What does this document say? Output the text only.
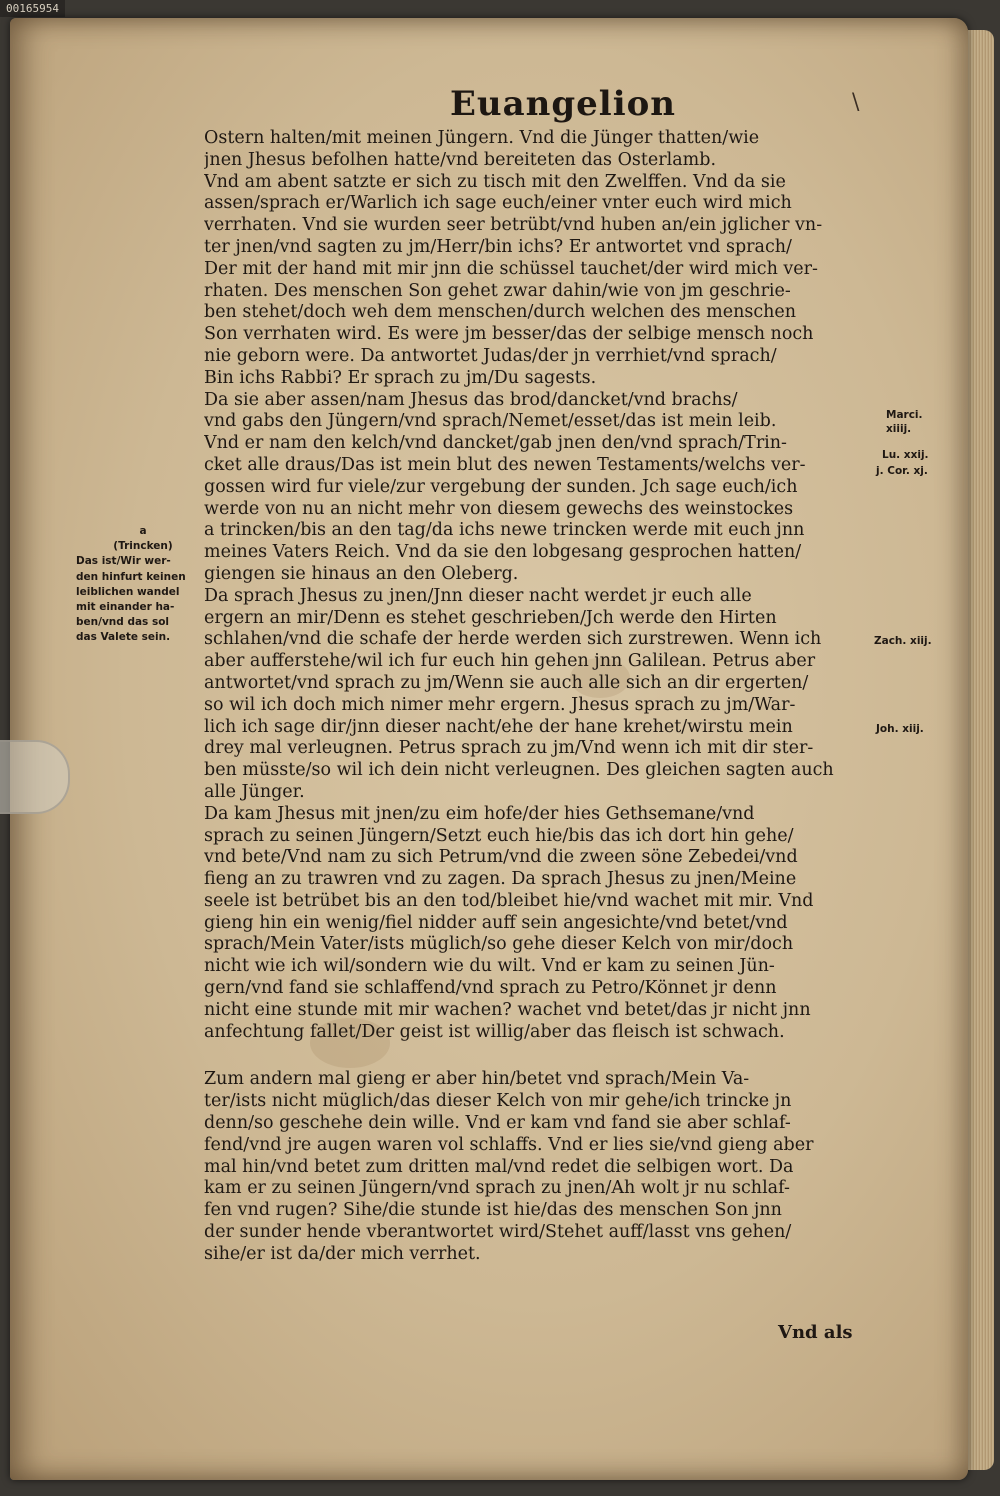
00165954
Euangelion	\
Ostern halten/mit meinen Jüngern. Vnd die Jünger thatten/wie
jnen Jhesus befolhen hatte/vnd bereiteten das Osterlamb.
Vnd am abent satzte er sich zu tisch mit den Zwelffen. Vnd da sie
assen/sprach er/Warlich ich sage euch/einer vnter euch wird mich
verrhaten. Vnd sie wurden seer betrübt/vnd huben an/ein jglicher vn-
ter jnen/vnd sagten zu jm/Herr/bin ichs? Er antwortet vnd sprach/
Der mit der hand mit mir jnn die schüssel tauchet/der wird mich ver-
rhaten. Des menschen Son gehet zwar dahin/wie von jm geschrie-
ben stehet/doch weh dem menschen/durch welchen des menschen
Son verrhaten wird. Es were jm besser/das der selbige mensch noch
nie geborn were. Da antwortet Judas/der jn verrhiet/vnd sprach/
Bin ichs Rabbi? Er sprach zu jm/Du sagests.
Da sie aber assen/nam Jhesus das brod/dancket/vnd brachs/
vnd gabs den Jüngern/vnd sprach/Nemet/esset/das ist mein leib.
Vnd er nam den kelch/vnd dancket/gab jnen den/vnd sprach/Trin-
cket alle draus/Das ist mein blut des newen Testaments/welchs ver-
gossen wird fur viele/zur vergebung der sunden. Jch sage euch/ich
werde von nu an nicht mehr von diesem gewechs des weinstockes
a trincken/bis an den tag/da ichs newe trincken werde mit euch jnn
meines Vaters Reich. Vnd da sie den lobgesang gesprochen hatten/
giengen sie hinaus an den Oleberg.
Da sprach Jhesus zu jnen/Jnn dieser nacht werdet jr euch alle
ergern an mir/Denn es stehet geschrieben/Jch werde den Hirten
schlahen/vnd die schafe der herde werden sich zurstrewen. Wenn ich
aber aufferstehe/wil ich fur euch hin gehen jnn Galilean. Petrus aber
antwortet/vnd sprach zu jm/Wenn sie auch alle sich an dir ergerten/
so wil ich doch mich nimer mehr ergern. Jhesus sprach zu jm/War-
lich ich sage dir/jnn dieser nacht/ehe der hane krehet/wirstu mein
drey mal verleugnen. Petrus sprach zu jm/Vnd wenn ich mit dir ster-
ben müsste/so wil ich dein nicht verleugnen. Des gleichen sagten auch
alle Jünger.
Da kam Jhesus mit jnen/zu eim hofe/der hies Gethsemane/vnd
sprach zu seinen Jüngern/Setzt euch hie/bis das ich dort hin gehe/
vnd bete/Vnd nam zu sich Petrum/vnd die zween söne Zebedei/vnd
fieng an zu trawren vnd zu zagen. Da sprach Jhesus zu jnen/Meine
seele ist betrübet bis an den tod/bleibet hie/vnd wachet mit mir. Vnd
gieng hin ein wenig/fiel nidder auff sein angesichte/vnd betet/vnd
sprach/Mein Vater/ists müglich/so gehe dieser Kelch von mir/doch
nicht wie ich wil/sondern wie du wilt. Vnd er kam zu seinen Jün-
gern/vnd fand sie schlaffend/vnd sprach zu Petro/Könnet jr denn
nicht eine stunde mit mir wachen? wachet vnd betet/das jr nicht jnn
anfechtung fallet/Der geist ist willig/aber das fleisch ist schwach.
Zum andern mal gieng er aber hin/betet vnd sprach/Mein Va-
ter/ists nicht müglich/das dieser Kelch von mir gehe/ich trincke jn
denn/so geschehe dein wille. Vnd er kam vnd fand sie aber schlaf-
fend/vnd jre augen waren vol schlaffs. Vnd er lies sie/vnd gieng aber
mal hin/vnd betet zum dritten mal/vnd redet die selbigen wort. Da
kam er zu seinen Jüngern/vnd sprach zu jnen/Ah wolt jr nu schlaf-
fen vnd rugen? Sihe/die stunde ist hie/das des menschen Son jnn
der sunder hende vberantwortet wird/Stehet auff/lasst vns gehen/
sihe/er ist da/der mich verrhet.
Vnd als
a
(Trincken)
Das ist/Wir wer-
den hinfurt keinen
leiblichen wandel
mit einander ha-
ben/vnd das sol
das Valete sein.
Marci.
xiiij.
Lu. xxij.
j. Cor. xj.
Zach. xiij.
Joh. xiij.
